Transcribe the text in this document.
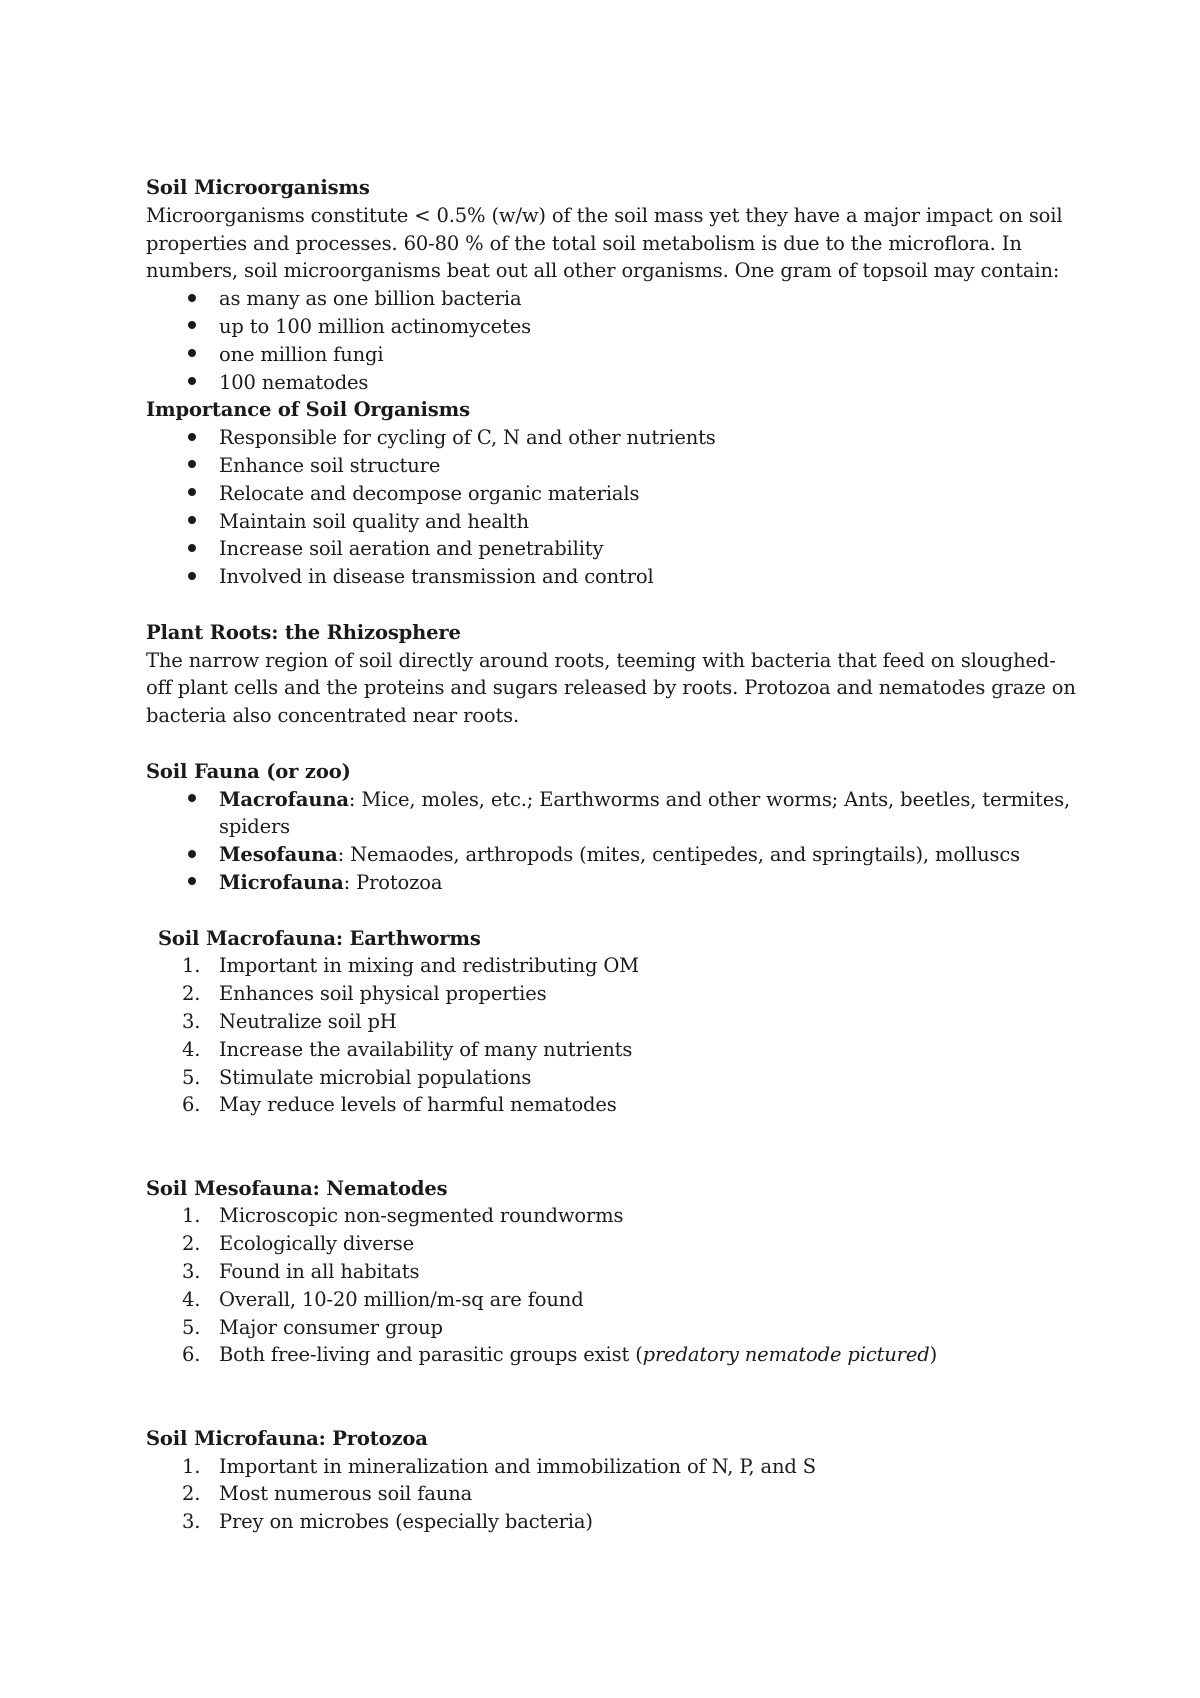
Soil Microorganisms

Microorganisms constitute < 0.5% (w/w) of the soil mass yet they have a major impact on soil properties and processes. 60-80 % of the total soil metabolism is due to the microflora. In numbers, soil microorganisms beat out all other organisms. One gram of topsoil may contain:

as many as one billion bacteria
up to 100 million actinomycetes
one million fungi
100 nematodes

Importance of Soil Organisms

Responsible for cycling of C, N and other nutrients
Enhance soil structure
Relocate and decompose organic materials
Maintain soil quality and health
Increase soil aeration and penetrability
Involved in disease transmission and control

Plant Roots: the Rhizosphere

The narrow region of soil directly around roots, teeming with bacteria that feed on sloughed-off plant cells and the proteins and sugars released by roots. Protozoa and nematodes graze on bacteria also concentrated near roots.

Soil Fauna (or zoo)

Macrofauna: Mice, moles, etc.; Earthworms and other worms; Ants, beetles, termites, spiders
Mesofauna: Nemaodes, arthropods (mites, centipedes, and springtails), molluscs
Microfauna: Protozoa

Soil Macrofauna: Earthworms

1. Important in mixing and redistributing OM
2. Enhances soil physical properties
3. Neutralize soil pH
4. Increase the availability of many nutrients
5. Stimulate microbial populations
6. May reduce levels of harmful nematodes

Soil Mesofauna: Nematodes

1. Microscopic non-segmented roundworms
2. Ecologically diverse
3. Found in all habitats
4. Overall, 10-20 million/m-sq are found
5. Major consumer group
6. Both free-living and parasitic groups exist (predatory nematode pictured)

Soil Microfauna: Protozoa

1. Important in mineralization and immobilization of N, P, and S
2. Most numerous soil fauna
3. Prey on microbes (especially bacteria)
